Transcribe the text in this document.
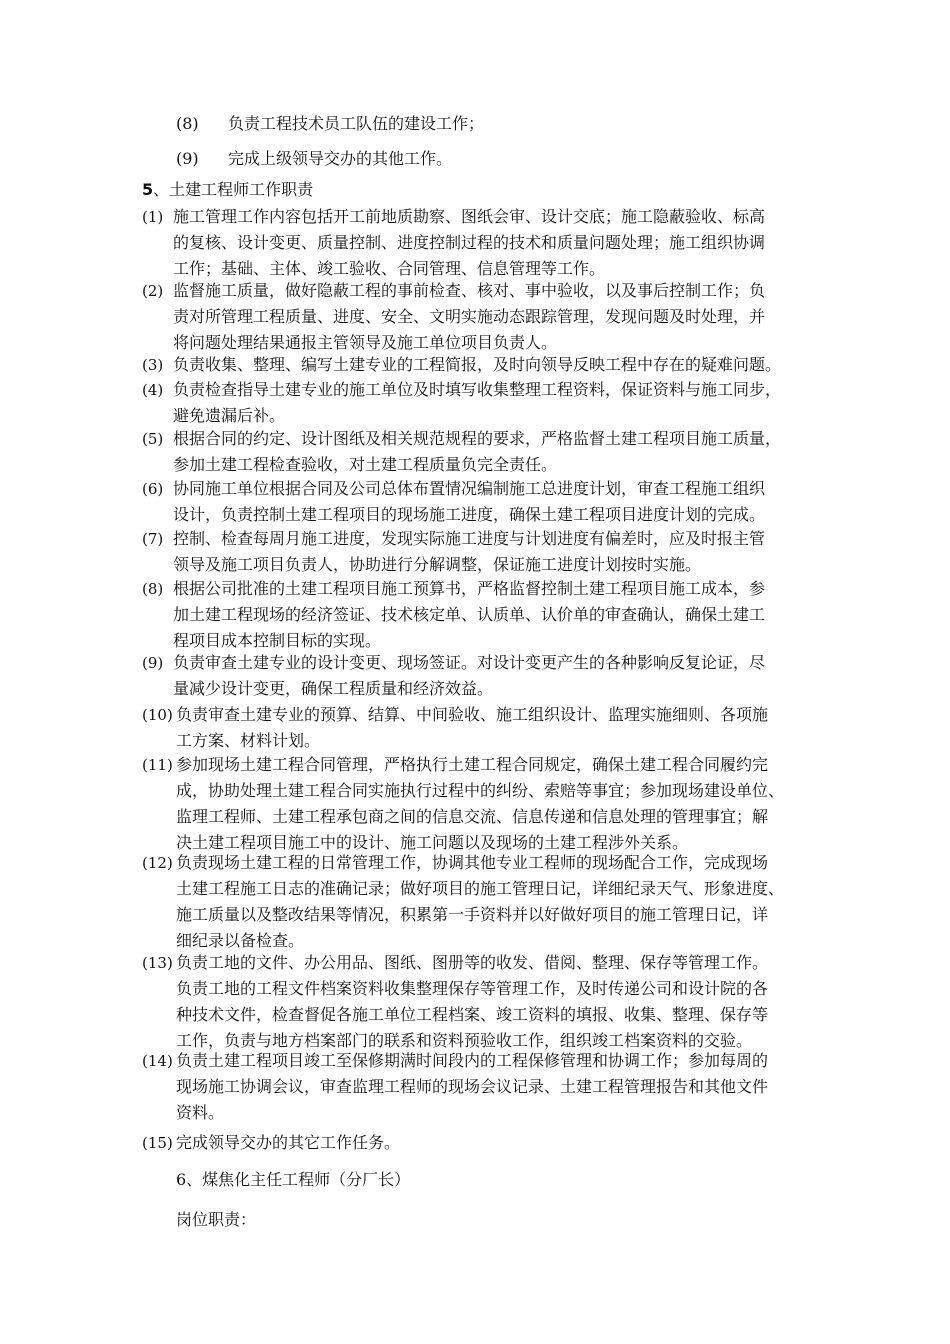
(8) 负责工程技术员工队伍的建设工作；
(9) 完成上级领导交办的其他工作。
5、土建工程师工作职责
(1) 施工管理工作内容包括开工前地质勘察、图纸会审、设计交底；施工隐蔽验收、标高
的复核、设计变更、质量控制、进度控制过程的技术和质量问题处理；施工组织协调
工作；基础、主体、竣工验收、合同管理、信息管理等工作。
(2) 监督施工质量，做好隐蔽工程的事前检查、核对、事中验收，以及事后控制工作；负
责对所管理工程质量、进度、安全、文明实施动态跟踪管理，发现问题及时处理，并
将问题处理结果通报主管领导及施工单位项目负责人。
(3) 负责收集、整理、编写土建专业的工程简报，及时向领导反映工程中存在的疑难问题。
(4) 负责检查指导土建专业的施工单位及时填写收集整理工程资料，保证资料与施工同步，
避免遗漏后补。
(5) 根据合同的约定、设计图纸及相关规范规程的要求，严格监督土建工程项目施工质量，
参加土建工程检查验收，对土建工程质量负完全责任。
(6) 协同施工单位根据合同及公司总体布置情况编制施工总进度计划，审查工程施工组织
设计，负责控制土建工程项目的现场施工进度，确保土建工程项目进度计划的完成。
(7) 控制、检查每周月施工进度，发现实际施工进度与计划进度有偏差时，应及时报主管
领导及施工项目负责人，协助进行分解调整，保证施工进度计划按时实施。
(8) 根据公司批准的土建工程项目施工预算书，严格监督控制土建工程项目施工成本，参
加土建工程现场的经济签证、技术核定单、认质单、认价单的审查确认，确保土建工
程项目成本控制目标的实现。
(9) 负责审查土建专业的设计变更、现场签证。对设计变更产生的各种影响反复论证，尽
量减少设计变更，确保工程质量和经济效益。
(10) 负责审查土建专业的预算、结算、中间验收、施工组织设计、监理实施细则、各项施
工方案、材料计划。
(11) 参加现场土建工程合同管理，严格执行土建工程合同规定，确保土建工程合同履约完
成，协助处理土建工程合同实施执行过程中的纠纷、索赔等事宜；参加现场建设单位、
监理工程师、土建工程承包商之间的信息交流、信息传递和信息处理的管理事宜；解
决土建工程项目施工中的设计、施工问题以及现场的土建工程涉外关系。
(12) 负责现场土建工程的日常管理工作，协调其他专业工程师的现场配合工作，完成现场
土建工程施工日志的准确记录；做好项目的施工管理日记，详细纪录天气、形象进度、
施工质量以及整改结果等情况，积累第一手资料并以好做好项目的施工管理日记，详
细纪录以备检查。
(13) 负责工地的文件、办公用品、图纸、图册等的收发、借阅、整理、保存等管理工作。
负责工地的工程文件档案资料收集整理保存等管理工作，及时传递公司和设计院的各
种技术文件，检查督促各施工单位工程档案、竣工资料的填报、收集、整理、保存等
工作，负责与地方档案部门的联系和资料预验收工作，组织竣工档案资料的交验。
(14) 负责土建工程项目竣工至保修期满时间段内的工程保修管理和协调工作；参加每周的
现场施工协调会议，审查监理工程师的现场会议记录、土建工程管理报告和其他文件
资料。
(15) 完成领导交办的其它工作任务。
6、煤焦化主任工程师（分厂长）
岗位职责：
